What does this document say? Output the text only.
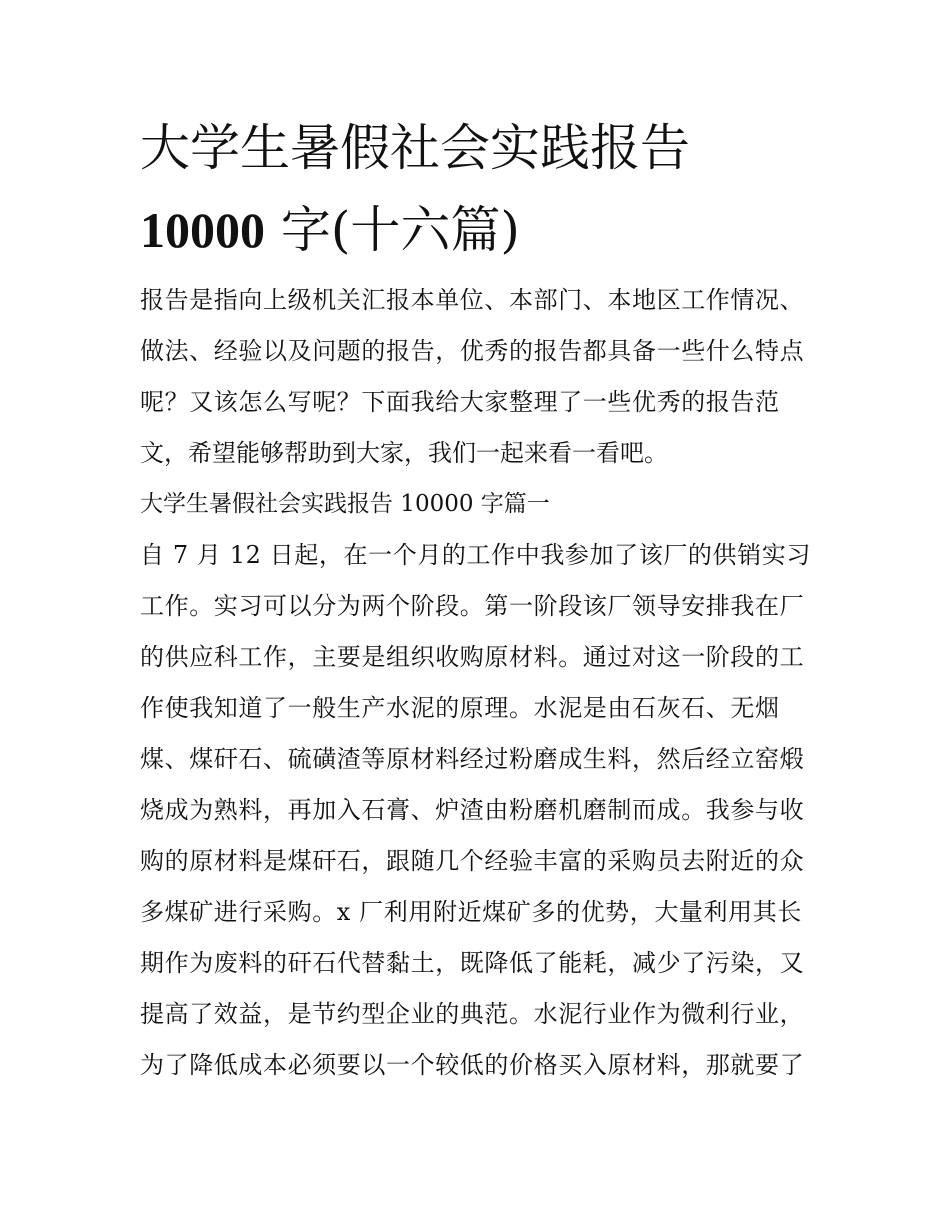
大学生暑假社会实践报告
10000 字(十六篇)
报告是指向上级机关汇报本单位、本部门、本地区工作情况、
做法、经验以及问题的报告，优秀的报告都具备一些什么特点
呢？又该怎么写呢？下面我给大家整理了一些优秀的报告范
文，希望能够帮助到大家，我们一起来看一看吧。
大学生暑假社会实践报告 10000 字篇一
自 7 月 12 日起，在一个月的工作中我参加了该厂的供销实习
工作。实习可以分为两个阶段。第一阶段该厂领导安排我在厂
的供应科工作，主要是组织收购原材料。通过对这一阶段的工
作使我知道了一般生产水泥的原理。水泥是由石灰石、无烟
煤、煤矸石、硫磺渣等原材料经过粉磨成生料，然后经立窑煅
烧成为熟料，再加入石膏、炉渣由粉磨机磨制而成。我参与收
购的原材料是煤矸石，跟随几个经验丰富的采购员去附近的众
多煤矿进行采购。x 厂利用附近煤矿多的优势，大量利用其长
期作为废料的矸石代替黏土，既降低了能耗，减少了污染，又
提高了效益，是节约型企业的典范。水泥行业作为微利行业，
为了降低成本必须要以一个较低的价格买入原材料，那就要了
